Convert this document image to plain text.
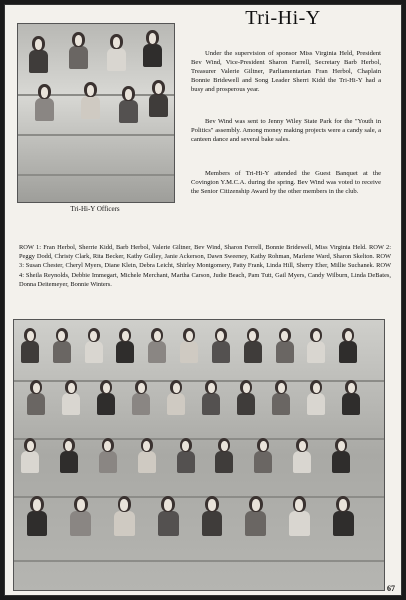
Tri-Hi-Y Officers
Tri-Hi-Y

Under the supervision of sponsor Miss Virginia Held, President Bev Wind, Vice-President Sharon Farrell, Secretary Barb Herbol, Treasurer Valerie Giltner, Parliamentarian Fran Herbol, Chaplain Bonnie Bridewell and Song Leader Sherri Kidd the Tri-Hi-Y had a busy and prosperous year.

Bev Wind was sent to Jenny Wiley State Park for the "Youth in Politics" assembly. Among money making projects were a candy sale, a canteen dance and several bake sales.

Members of Tri-Hi-Y attended the Guest Banquet at the Covington Y.M.C.A. during the spring. Bev Wind was voted to receive the Senior Citizenship Award by the other members in the club.

ROW 1: Fran Herbol, Sherrie Kidd, Barb Herbol, Valerie Giltner, Bev Wind, Sharon Ferrell, Bonnie Bridewell, Miss Virginia Held. ROW 2: Peggy Dodd, Christy Clark, Rita Becker, Kathy Gulley, Janie Ackerson, Dawn Sweeney, Kathy Rohman, Marlene Ward, Sharon Skelton. ROW 3: Susan Chester, Cheryl Myers, Diane Klein, Debra Leicht, Shirley Montgomery, Patty Frank, Linda Hill, Sherry Eher, Millie Suchanek. ROW 4: Sheila Reynolds, Debbie Immegart, Michele Merchant, Martha Carson, Judie Beach, Pam Tutt, Gail Myers, Candy Wilburn, Linda DeBates, Donna Deitemeyer, Bonnie Winters.

67
